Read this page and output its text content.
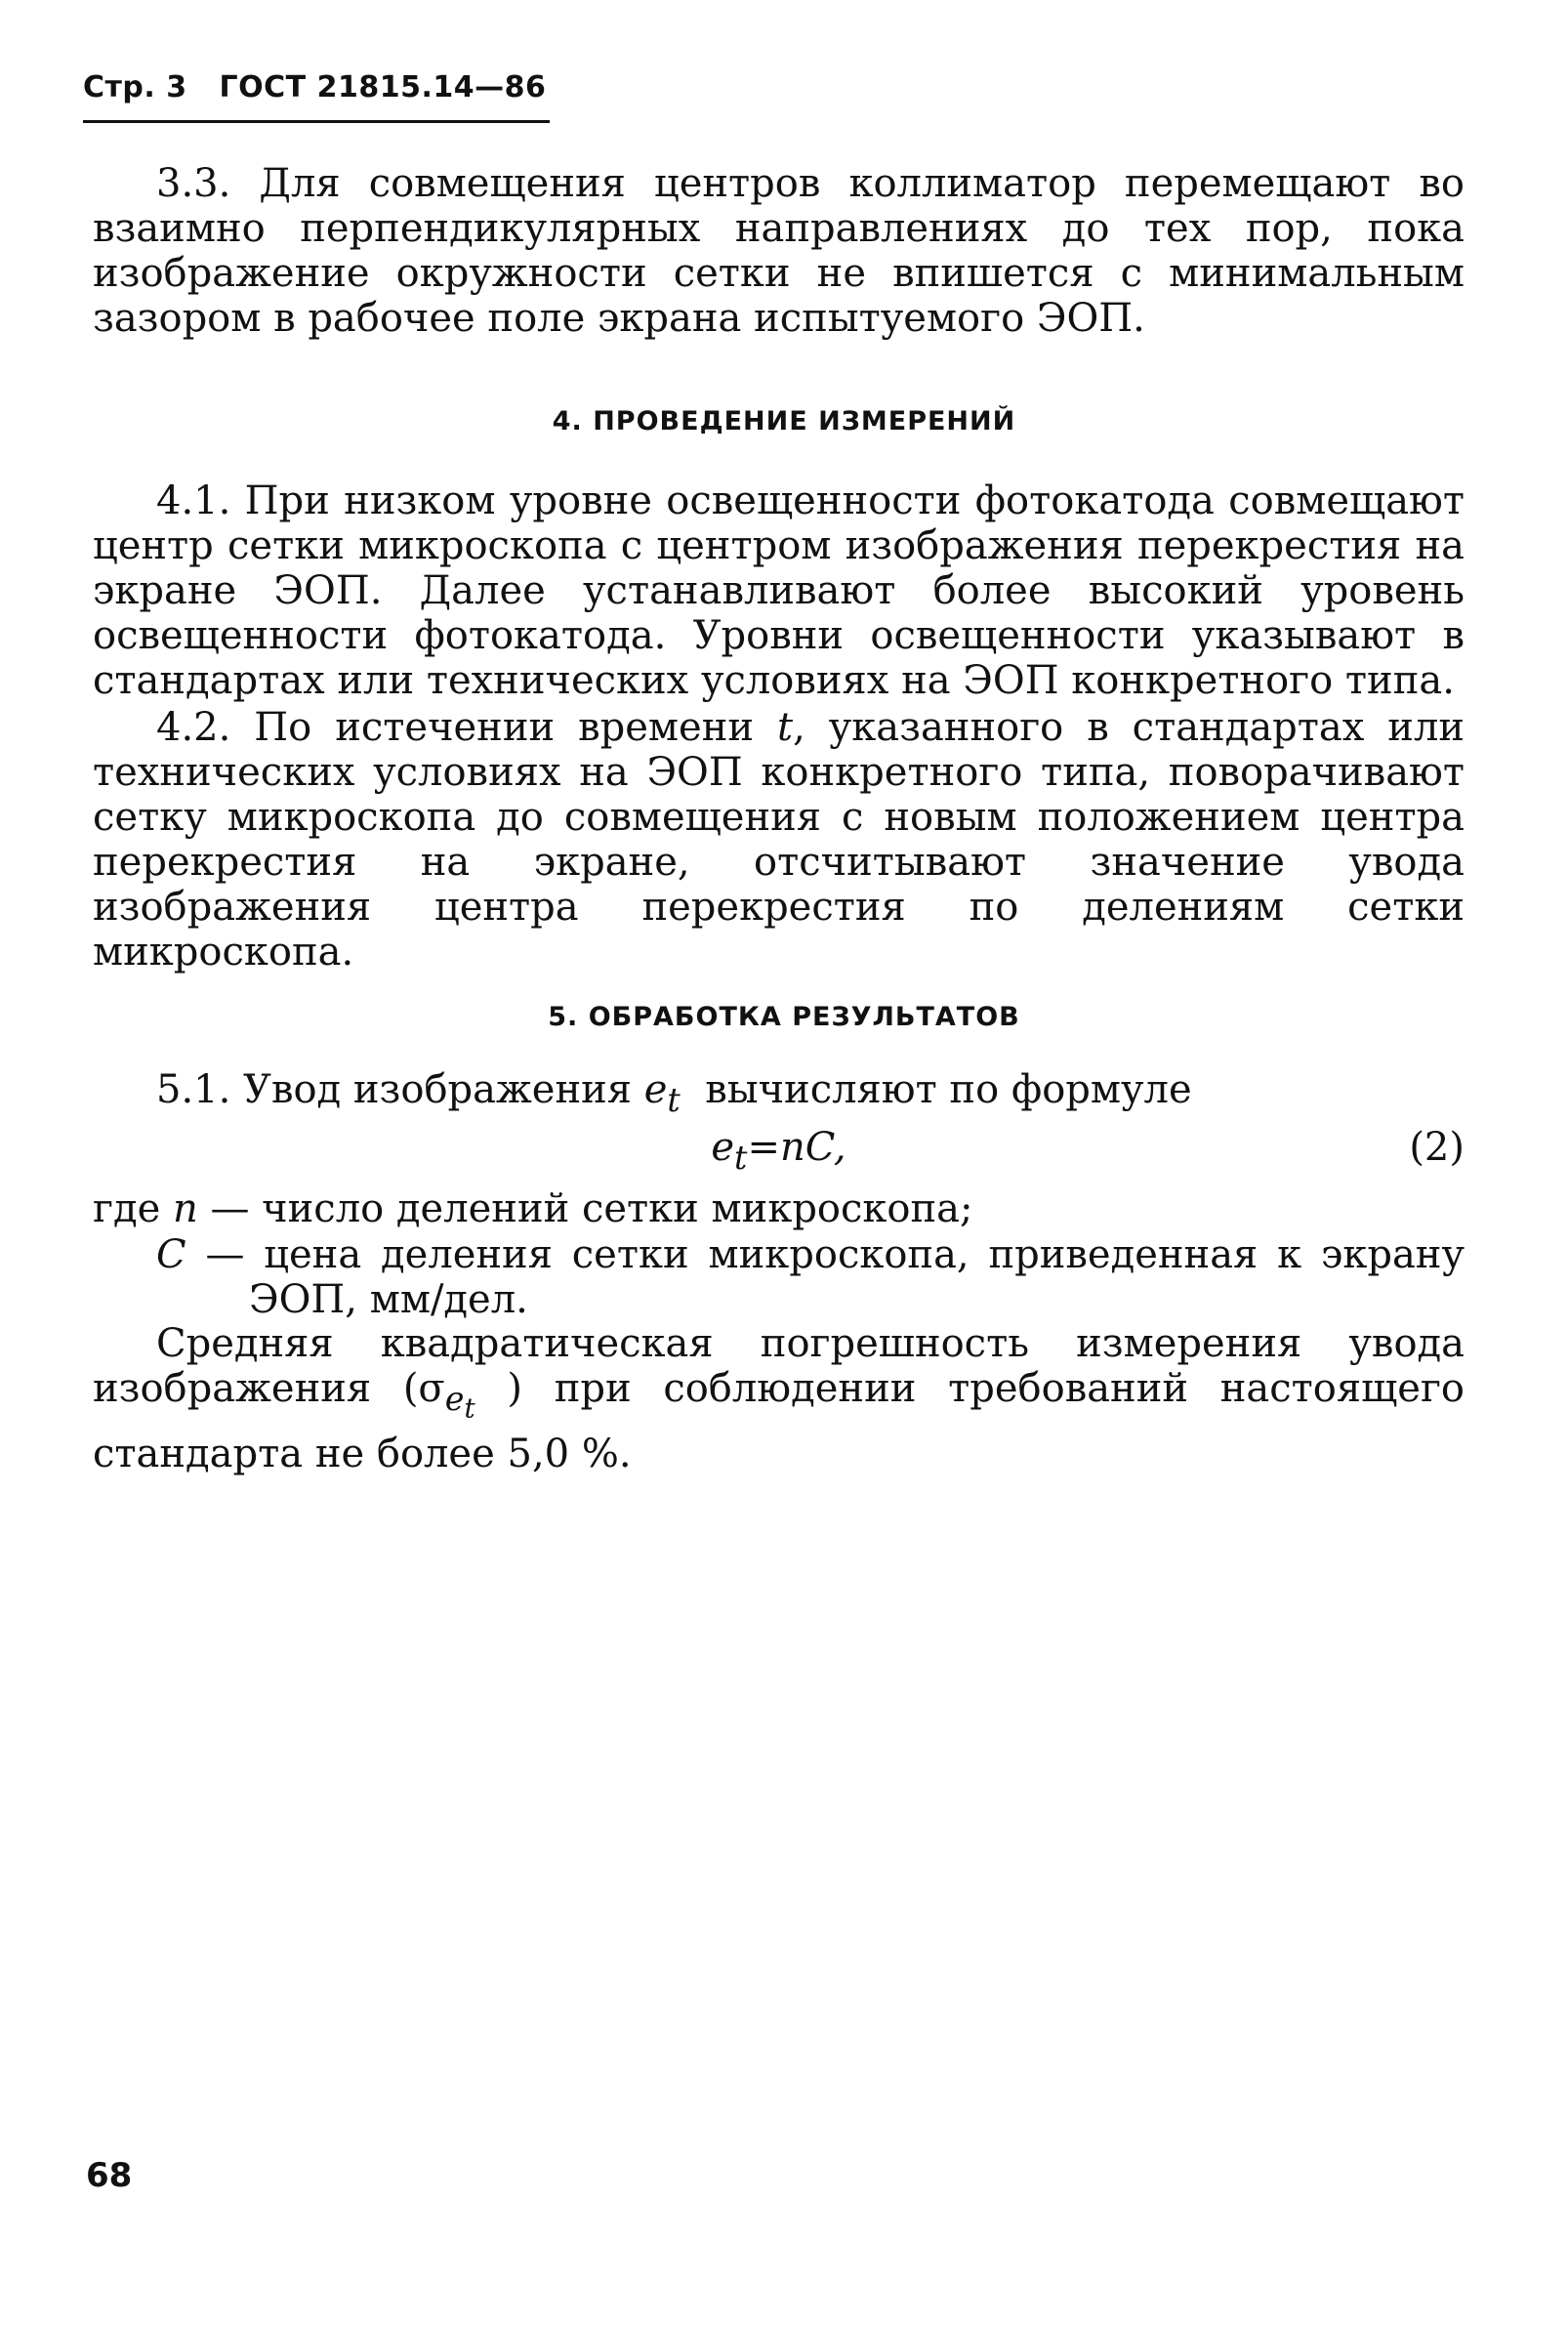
Стр. 3 ГОСТ 21815.14—86
3.3. Для совмещения центров коллиматор перемещают во взаимно перпендикулярных направлениях до тех пор, пока изображение окружности сетки не впишется с минимальным зазором в рабочее поле экрана испытуемого ЭОП.
4. ПРОВЕДЕНИЕ ИЗМЕРЕНИЙ
4.1. При низком уровне освещенности фотокатода совмещают центр сетки микроскопа с центром изображения перекрестия на экране ЭОП. Далее устанавливают более высокий уровень освещенности фотокатода. Уровни освещенности указывают в стандартах или технических условиях на ЭОП конкретного типа.
4.2. По истечении времени t, указанного в стандартах или технических условиях на ЭОП конкретного типа, поворачивают сетку микроскопа до совмещения с новым положением центра перекрестия на экране, отсчитывают значение увода изображения центра перекрестия по делениям сетки микроскопа.
5. ОБРАБОТКА РЕЗУЛЬТАТОВ
5.1. Увод изображения $e_t$ вычисляют по формуле
$e_t=nC$,	(2)
где n — число делений сетки микроскопа;
C — цена деления сетки микроскопа, приведенная к экрану ЭОП, мм/дел.
Средняя квадратическая погрешность измерения увода изображения ($\sigma_{e_t}$ ) при соблюдении требований настоящего стандарта не более 5,0 %.
68
